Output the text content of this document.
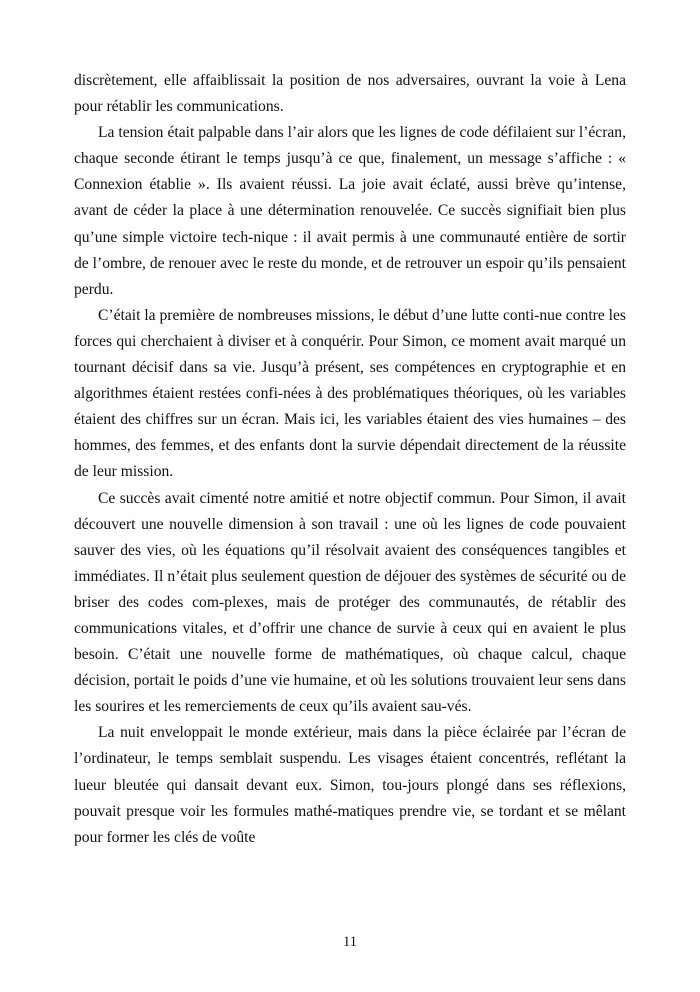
discrètement, elle affaiblissait la position de nos adversaires, ouvrant la voie à Lena pour rétablir les communications.

La tension était palpable dans l’air alors que les lignes de code défilaient sur l’écran, chaque seconde étirant le temps jusqu’à ce que, finalement, un message s’affiche : « Connexion établie ». Ils avaient réussi. La joie avait éclaté, aussi brève qu’intense, avant de céder la place à une détermination renouvelée. Ce succès signifiait bien plus qu’une simple victoire tech-nique : il avait permis à une communauté entière de sortir de l’ombre, de renouer avec le reste du monde, et de retrouver un espoir qu’ils pensaient perdu.

C’était la première de nombreuses missions, le début d’une lutte conti-nue contre les forces qui cherchaient à diviser et à conquérir. Pour Simon, ce moment avait marqué un tournant décisif dans sa vie. Jusqu’à présent, ses compétences en cryptographie et en algorithmes étaient restées confi-nées à des problématiques théoriques, où les variables étaient des chiffres sur un écran. Mais ici, les variables étaient des vies humaines – des hommes, des femmes, et des enfants dont la survie dépendait directement de la réussite de leur mission.

Ce succès avait cimenté notre amitié et notre objectif commun. Pour Simon, il avait découvert une nouvelle dimension à son travail : une où les lignes de code pouvaient sauver des vies, où les équations qu’il résolvait avaient des conséquences tangibles et immédiates. Il n’était plus seulement question de déjouer des systèmes de sécurité ou de briser des codes com-plexes, mais de protéger des communautés, de rétablir des communications vitales, et d’offrir une chance de survie à ceux qui en avaient le plus besoin. C’était une nouvelle forme de mathématiques, où chaque calcul, chaque décision, portait le poids d’une vie humaine, et où les solutions trouvaient leur sens dans les sourires et les remerciements de ceux qu’ils avaient sau-vés.

La nuit enveloppait le monde extérieur, mais dans la pièce éclairée par l’écran de l’ordinateur, le temps semblait suspendu. Les visages étaient concentrés, reflétant la lueur bleutée qui dansait devant eux. Simon, tou-jours plongé dans ses réflexions, pouvait presque voir les formules mathé-matiques prendre vie, se tordant et se mêlant pour former les clés de voûte

11
